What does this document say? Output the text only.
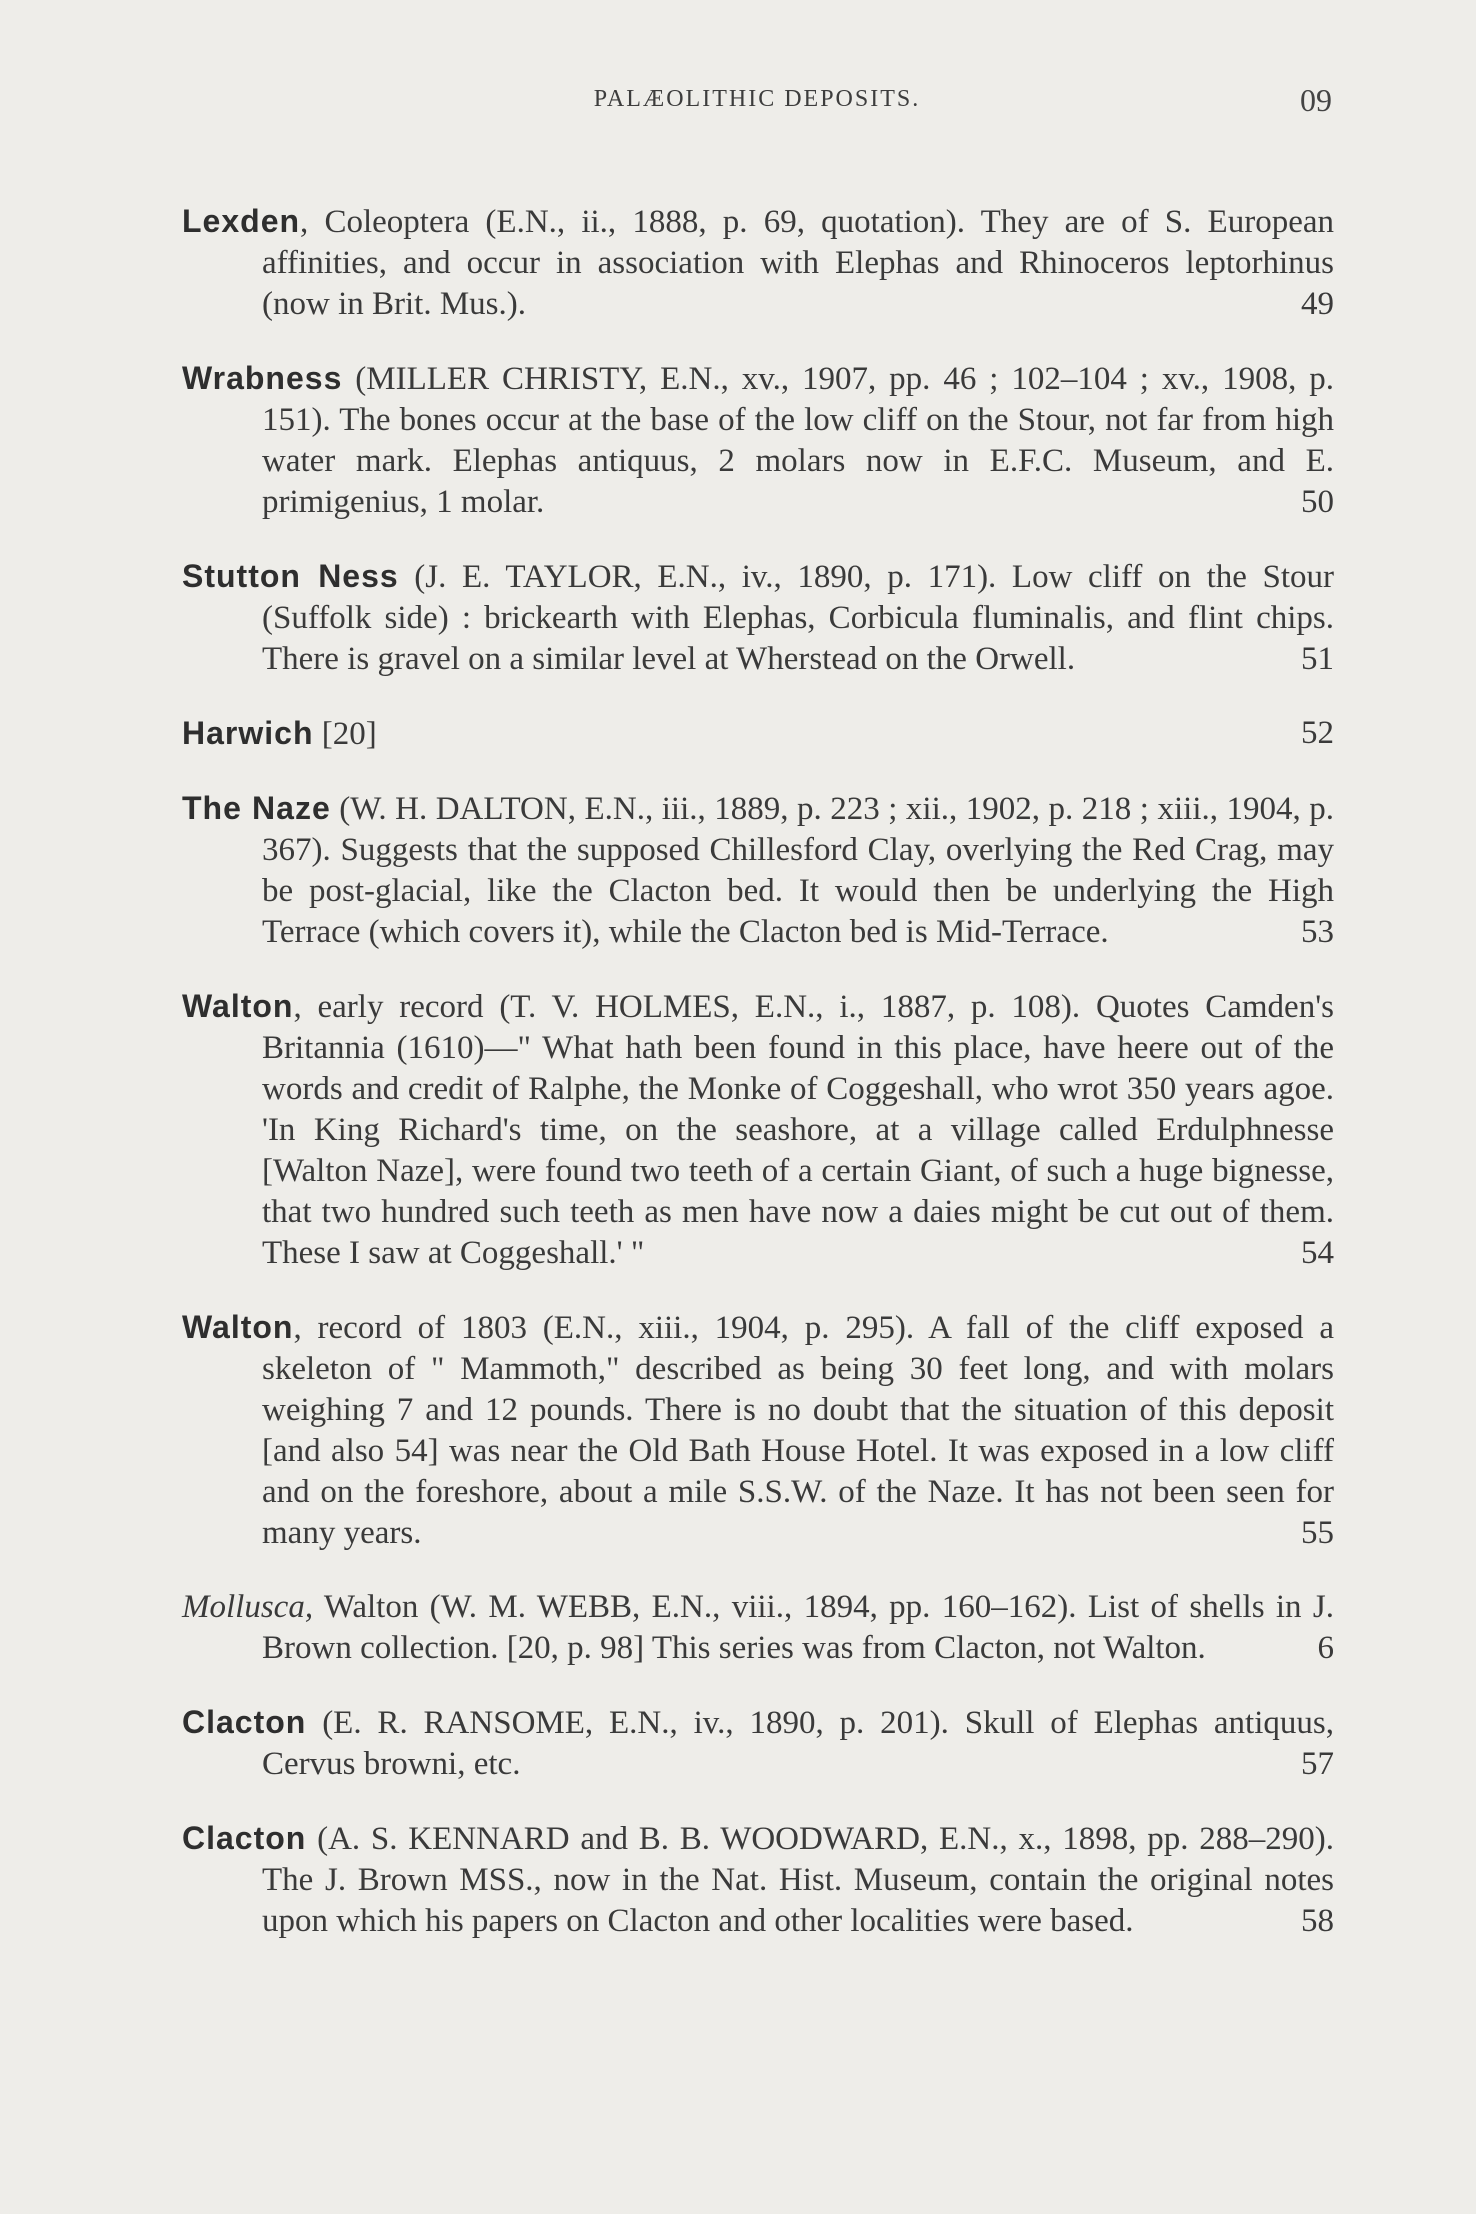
PALÆOLITHIC DEPOSITS.	09

Lexden, Coleoptera (E.N., ii., 1888, p. 69, quotation). They are of S. European affinities, and occur in association with Elephas and Rhinoceros leptorhinus (now in Brit. Mus.).	49

Wrabness (MILLER CHRISTY, E.N., xv., 1907, pp. 46 ; 102–104 ; xv., 1908, p. 151). The bones occur at the base of the low cliff on the Stour, not far from high water mark. Elephas antiquus, 2 molars now in E.F.C. Museum, and E. primigenius, 1 molar.	50

Stutton Ness (J. E. TAYLOR, E.N., iv., 1890, p. 171). Low cliff on the Stour (Suffolk side) : brickearth with Elephas, Corbicula fluminalis, and flint chips. There is gravel on a similar level at Wherstead on the Orwell.	51

Harwich [20]	52

The Naze (W. H. DALTON, E.N., iii., 1889, p. 223 ; xii., 1902, p. 218 ; xiii., 1904, p. 367). Suggests that the supposed Chillesford Clay, overlying the Red Crag, may be post-glacial, like the Clacton bed. It would then be underlying the High Terrace (which covers it), while the Clacton bed is Mid-Terrace.	53

Walton, early record (T. V. HOLMES, E.N., i., 1887, p. 108). Quotes Camden's Britannia (1610)—" What hath been found in this place, have heere out of the words and credit of Ralphe, the Monke of Coggeshall, who wrot 350 years agoe. 'In King Richard's time, on the seashore, at a village called Erdulphnesse [Walton Naze], were found two teeth of a certain Giant, of such a huge bignesse, that two hundred such teeth as men have now a daies might be cut out of them. These I saw at Coggeshall.' "	54

Walton, record of 1803 (E.N., xiii., 1904, p. 295). A fall of the cliff exposed a skeleton of " Mammoth," described as being 30 feet long, and with molars weighing 7 and 12 pounds. There is no doubt that the situation of this deposit [and also 54] was near the Old Bath House Hotel. It was exposed in a low cliff and on the foreshore, about a mile S.S.W. of the Naze. It has not been seen for many years.	55

Mollusca, Walton (W. M. WEBB, E.N., viii., 1894, pp. 160–162). List of shells in J. Brown collection. [20, p. 98] This series was from Clacton, not Walton.	6

Clacton (E. R. RANSOME, E.N., iv., 1890, p. 201). Skull of Elephas antiquus, Cervus browni, etc.	57

Clacton (A. S. KENNARD and B. B. WOODWARD, E.N., x., 1898, pp. 288–290). The J. Brown MSS., now in the Nat. Hist. Museum, contain the original notes upon which his papers on Clacton and other localities were based.	58
